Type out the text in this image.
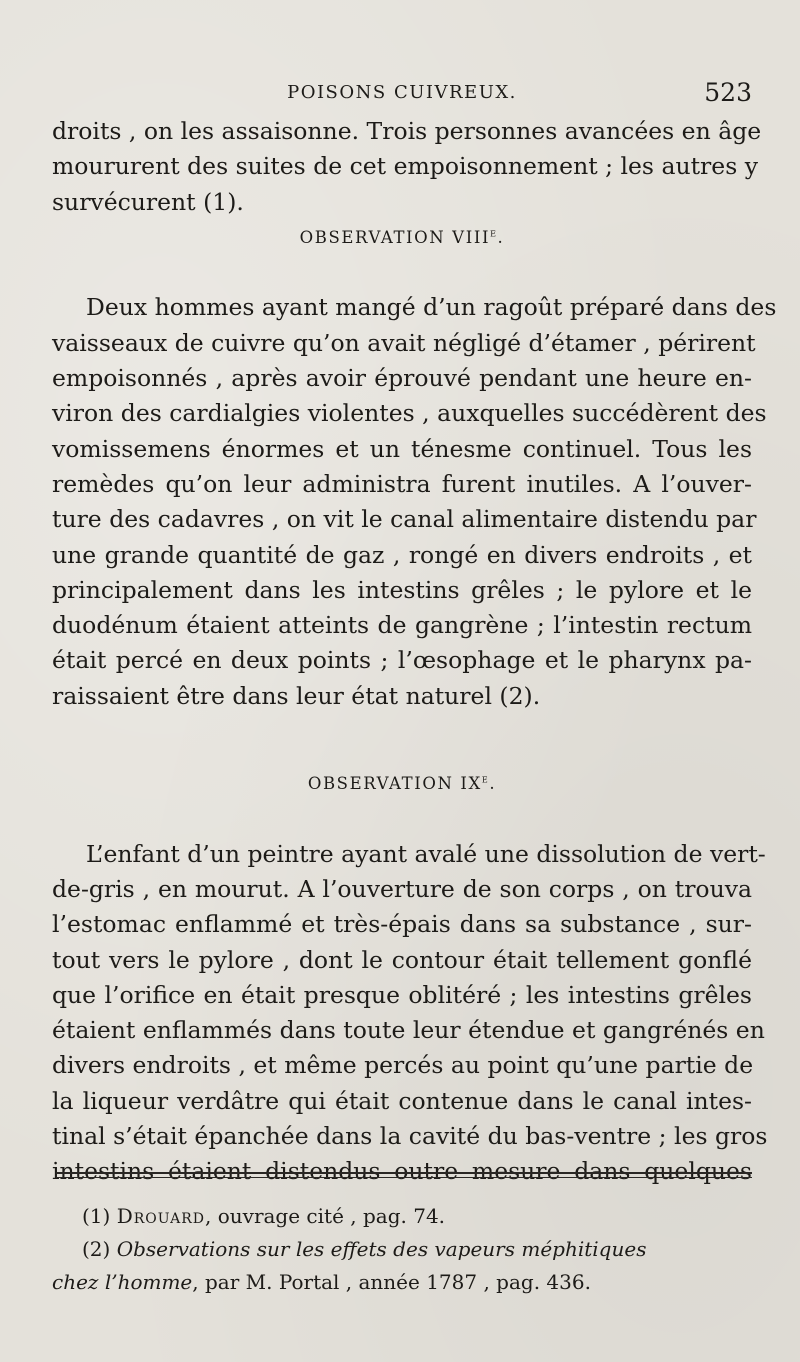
POISONS CUIVREUX.	523
droits , on les assaisonne. Trois personnes avancées en âge
moururent des suites de cet empoisonnement ; les autres y
survécurent (1).
OBSERVATION VIIIe.
Deux hommes ayant mangé d’un ragoût préparé dans des
vaisseaux de cuivre qu’on avait négligé d’étamer , périrent
empoisonnés , après avoir éprouvé pendant une heure en-
viron des cardialgies violentes , auxquelles succédèrent des
vomissemens énormes et un ténesme continuel. Tous les
remèdes qu’on leur administra furent inutiles. A l’ouver-
ture des cadavres , on vit le canal alimentaire distendu par
une grande quantité de gaz , rongé en divers endroits , et
principalement dans les intestins grêles ; le pylore et le
duodénum étaient atteints de gangrène ; l’intestin rectum
était percé en deux points ; l’œsophage et le pharynx pa-
raissaient être dans leur état naturel (2).
OBSERVATION IXe.
L’enfant d’un peintre ayant avalé une dissolution de vert-
de-gris , en mourut. A l’ouverture de son corps , on trouva
l’estomac enflammé et très-épais dans sa substance , sur-
tout vers le pylore , dont le contour était tellement gonflé
que l’orifice en était presque oblitéré ; les intestins grêles
étaient enflammés dans toute leur étendue et gangrénés en
divers endroits , et même percés au point qu’une partie de
la liqueur verdâtre qui était contenue dans le canal intes-
tinal s’était épanchée dans la cavité du bas-ventre ; les gros
intestins étaient distendus outre mesure dans quelques
(1) Drouard, ouvrage cité , pag. 74.
(2) Observations sur les effets des vapeurs méphitiques
chez l’homme, par M. Portal , année 1787 , pag. 436.
